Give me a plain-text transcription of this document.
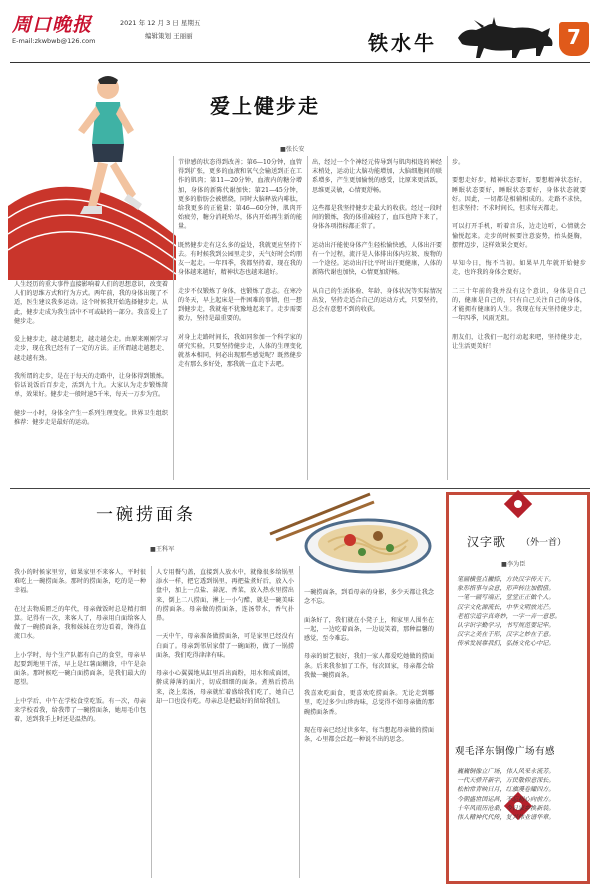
周口晚报
E-mail:zkwbwb@126.com
2021 年 12 月 3 日 星期五
编辑策划 王丽丽	铁水牛	7
爱上健步走
■张长安
人生经历的重大事件直接影响着人们的思想意识，改变着人们的思维方式和行为方式。两年前，我的身体出现了不适，医生建议我多运动。这个时候我开始选择健步走。从此，健步走成为我生活中不可或缺的一部分。我喜爱上了健步走。

爱上健步走，越走越想走，越走越会走。由原来刚刚学习走步，现在我已经有了一定的方法。正所谓越走越想走、越走越有劲。

我所谓的走步，是在于每天的走路中，让身体得到锻炼。俗话说饭后百步走，活到九十九。大家认为走步锻炼简单，效果好。健步走一般时速5千米，每天一万步为宜。

健步一小时，身体全产生一系列生理变化。世界卫生组织推荐：健步走是最好的运动。
节律感的状态得到改善；第6—10分钟，血管得到扩张，更多的血液和氧气会输送到正在工作的肌肉；第11—20分钟，血液内的糖分增加，身体的新陈代谢加快；第21—45分钟，更多的脂肪会被燃烧，同时大脑释放内啡肽，给我更多的正能量；第46—60分钟，肌肉开始疲劳，糖分消耗殆尽，体内开始再生新的能量。

既然健步走有这么多的益处，我就更应坚持下去。有时候我到公园里走步，天气好时会约朋友一起走。一年四季，我都坚持着，现在我的身体越来越好，精神状态也越来越好。

走步不仅锻炼了身体，也锻炼了意志。在寒冷的冬天，早上起床是一件困难的事情，但一想到健步走，我就毫不犹豫地起来了。走步需要毅力，坚持是最重要的。

对身上走路时间长，我如同参加一个科学家的研究实验，只要坚持健步走，人体的生理变化就基本相同，何必出现那些感觉呢？既然健步走有那么多好处，那我就一直走下去吧。
出，经过一个个神经元传导到与肌肉相连的神经末梢处，运动让大脑功能增加，大脑细胞间的联系增多，产生更加愉悦的感受，比原来更活跃，思维更灵敏，心情更舒畅。

这些都是我坚持健步走最大的收获。经过一段时间的锻炼，我的体重减轻了，血压也降下来了，身体各项指标都正常了。

运动出汗能使身体产生轻松愉快感，人体出汗要有一个过程，流汗是人体排出体内垃圾、废物的一个途径。运动出汗比平时出汗更健康，人体的新陈代谢也加快，心情更加舒畅。

从自己的生活体验、年龄、身体状况等实际情况出发，坚持走适合自己的运动方式，只要坚持，总会有意想不到的收获。
步。

要想走好步，精神状态要好，要想精神状态好，睡眠状态要好，睡眠状态要好，身体状态就要好。因此，一切都是相辅相成的。走路不求快，但求坚持；不求时间长，但求每天都走。

可以打开手机，听着音乐，边走边听，心情就会愉悦起来。走步的时候要注意姿势，抬头挺胸，摆臂迈步，这样效果会更好。

早知今日，悔不当初。如果早几年就开始健步走，也许我的身体会更好。

二三十年前的我并没有这个意识，身体是自己的，健康是自己的，只有自己关注自己的身体，才能拥有健康的人生。我现在每天坚持健步走，一年四季，风雨无阻。

朋友们，让我们一起行动起来吧，坚持健步走，让生活更美好！
一碗捞面条
■王科军
我小的时候家里穷，如果家里不来客人，平时很难吃上一碗捞面条。那时的捞面条，吃的是一种幸福。

在过去物质匮乏的年代，母亲做饭时总是精打细算。记得有一次，来客人了，母亲用白面给客人做了一碗捞面条，我和妹妹在旁边看着，馋得直流口水。

上小学时，每个生产队都有自己的食堂，母亲早起要到地里干活，早上是红薯面糊涂，中午是杂面条。那时候吃一碗白面捞面条，是我们最大的愿望。

上中学后，中午在学校食堂吃饭。有一次，母亲来学校看我，给我带了一碗捞面条，她用毛巾包着，送到我手上时还是温热的。
人专用餐勺盖，直接到人放水中，就像很多给锅里添水一样，把它透到锅里，再把盐煮好后，放入小盘中，加上一点盐、蒜泥、香菜，放入热水里捞出来，倒上二八捞面，淋上一小勺醋，就是一碗美味的捞面条。母亲做的捞面条，连汤带水，香气扑鼻。

一天中午，母亲准备做捞面条，可是家里已经没有白面了。母亲到邻居家借了一碗面粉，做了一锅捞面条，我们吃得津津有味。

母亲小心翼翼地从缸里舀出面粉，用水和成面团，擀成薄薄的面片，切成细细的面条。煮熟后捞出来，浇上菜汤，母亲就忙着盛给我们吃了，她自己却一口也没有吃。母亲总是把最好的留给我们。
一碗捞面条，到看母亲的身影，多少天都让我念念不忘。

面条好了，我们就在小凳子上，和家里人围坐在一起，一边吃着面条，一边说笑着，那种温馨的感觉，至今难忘。

母亲的厨艺很好，我们一家人都爱吃她做的捞面条。后来我参加了工作，每次回家，母亲都会给我做一碗捞面条。

我喜欢吃面食，更喜欢吃捞面条。无论走到哪里，吃过多少山珍海味，总觉得不如母亲做的那碗捞面条香。

现在母亲已经过世多年，每当想起母亲做的捞面条，心里都会泛起一种说不出的思念。
汉字歌 （外一首）
■李为臣
笔画横竖点撇捺，方块汉字传天下。
象形指事与会意，形声转注加假借。
一笔一画写端正，堂堂正正做个人。
汉字文化源流长，中华文明放光芒。
老祖宗造字真奇妙，一字一音一意思。
认字识字勤学习，书写规范要记牢。
汉字之美在于形，汉字之妙在于意。
传承发展靠我们，弘扬文化心中记。
观毛泽东铜像广场有感
巍巍铜像立广场，伟人风采永流芳。
一代天骄开新宇，万民敬仰意深长。
松柏常青映日月，红旗漫卷耀四方。
今朝盛世国运昌，不忘初心向前方。
十年风雨历沧桑，今日家乡换新装。
伟人精神代代传，复兴伟业谱华章。
